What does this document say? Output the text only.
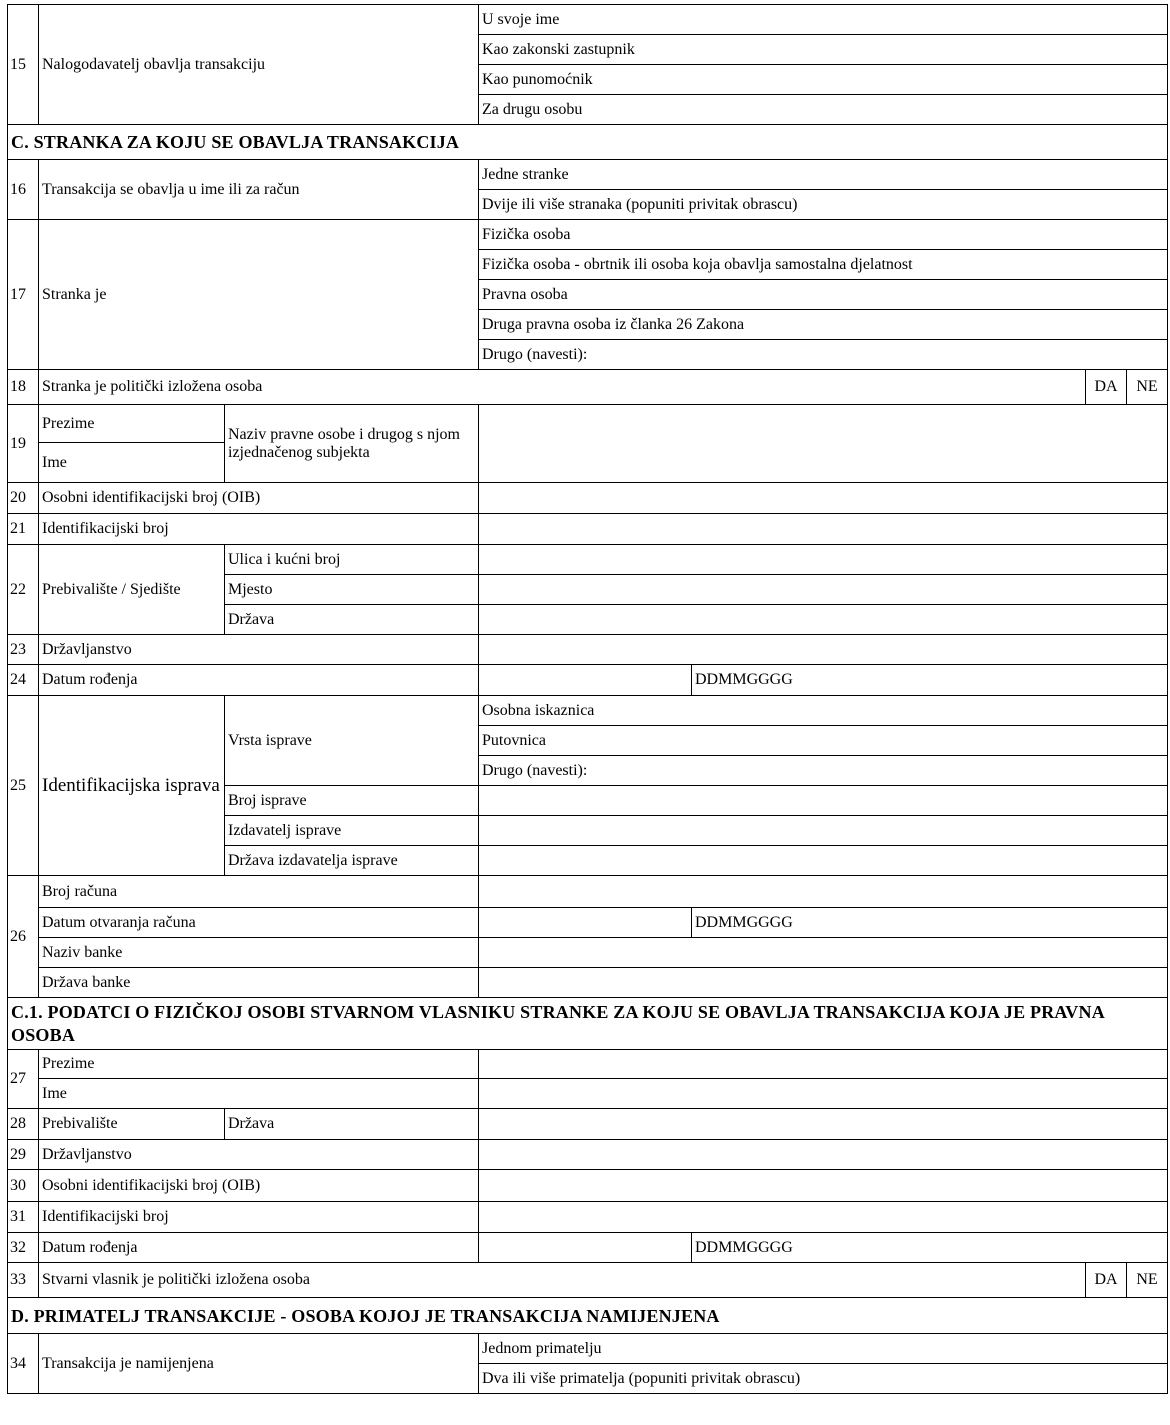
15	Nalogodavatelj obavlja transakciju		U svoje ime			
			Kao zakonski zastupnik			
			Kao punomoćnik			
			Za drugu osobu			
C. STRANKA ZA KOJU SE OBAVLJA TRANSAKCIJA						
16	Transakcija se obavlja u ime ili za račun		Jedne stranke			
			Dvije ili više stranaka (popuniti privitak obrascu)			
17	Stranka je		Fizička osoba			
			Fizička osoba - obrtnik ili osoba koja obavlja samostalna djelatnost			
			Pravna osoba			
			Druga pravna osoba iz članka 26 Zakona			
			Drugo (navesti):			
18	Stranka je politički izložena osoba				DA	NE
19	Prezime	Naziv pravne osobe i drugog s njom izjednačenog subjekta				
	Ime					
20	Osobni identifikacijski broj (OIB)					
21	Identifikacijski broj					
22	Prebivalište / Sjedište	Ulica i kućni broj				
		Mjesto				
		Država				
23	Državljanstvo					
24	Datum rođenja			DDMMGGGG		
25	Identifikacijska isprava	Vrsta isprave	Osobna iskaznica			
			Putovnica			
			Drugo (navesti):			
		Broj isprave				
		Izdavatelj isprave				
		Država izdavatelja isprave				
26	Broj računa					
	Datum otvaranja računa			DDMMGGGG		
	Naziv banke					
	Država banke					
C.1. PODATCI O FIZIČKOJ OSOBI STVARNOM VLASNIKU STRANKE ZA KOJU SE OBAVLJA TRANSAKCIJA KOJA JE PRAVNA OSOBA						
27	Prezime					
	Ime					
28	Prebivalište	Država				
29	Državljanstvo					
30	Osobni identifikacijski broj (OIB)					
31	Identifikacijski broj					
32	Datum rođenja			DDMMGGGG		
33	Stvarni vlasnik je politički izložena osoba				DA	NE
D. PRIMATELJ TRANSAKCIJE - OSOBA KOJOJ JE TRANSAKCIJA NAMIJENJENA						
34	Transakcija je namijenjena		Jednom primatelju			
			Dva ili više primatelja (popuniti privitak obrascu)			
